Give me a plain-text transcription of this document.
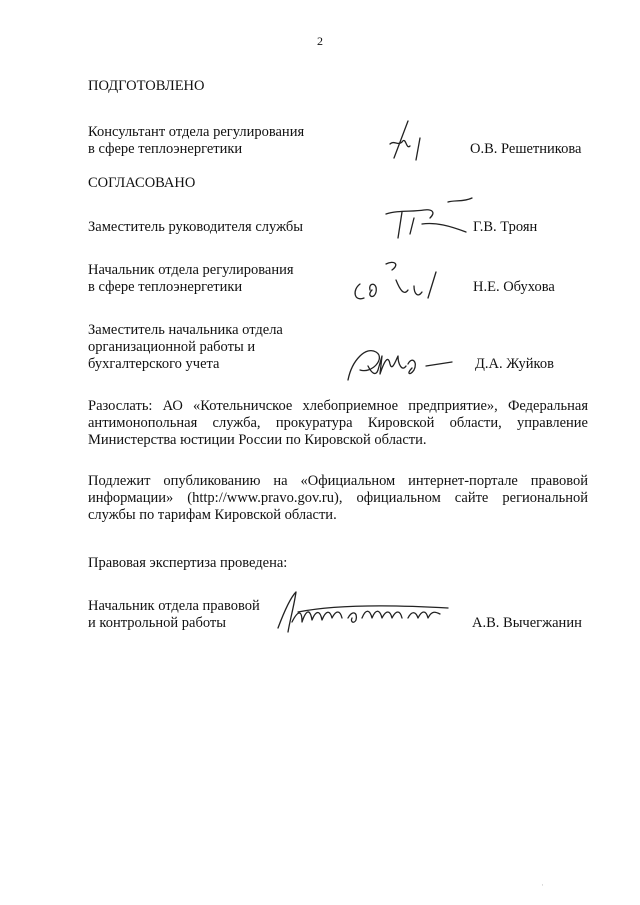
2
ПОДГОТОВЛЕНО
Консультант отдела регулирования
в сфере теплоэнергетики	О.В. Решетникова
СОГЛАСОВАНО
Заместитель руководителя службы	Г.В. Троян
Начальник отдела регулирования
в сфере теплоэнергетики	Н.Е. Обухова
Заместитель начальника отдела
организационной работы и
бухгалтерского учета	Д.А. Жуйков
Разослать: АО «Котельничское хлебоприемное предприятие», Федеральная антимонопольная служба, прокуратура Кировской области, управление Министерства юстиции России по Кировской области.
Подлежит опубликованию на «Официальном интернет-портале правовой информации» (http://www.pravo.gov.ru), официальном сайте региональной службы по тарифам Кировской области.
Правовая экспертиза проведена:
Начальник отдела правовой
и контрольной работы	А.В. Вычегжанин
·
